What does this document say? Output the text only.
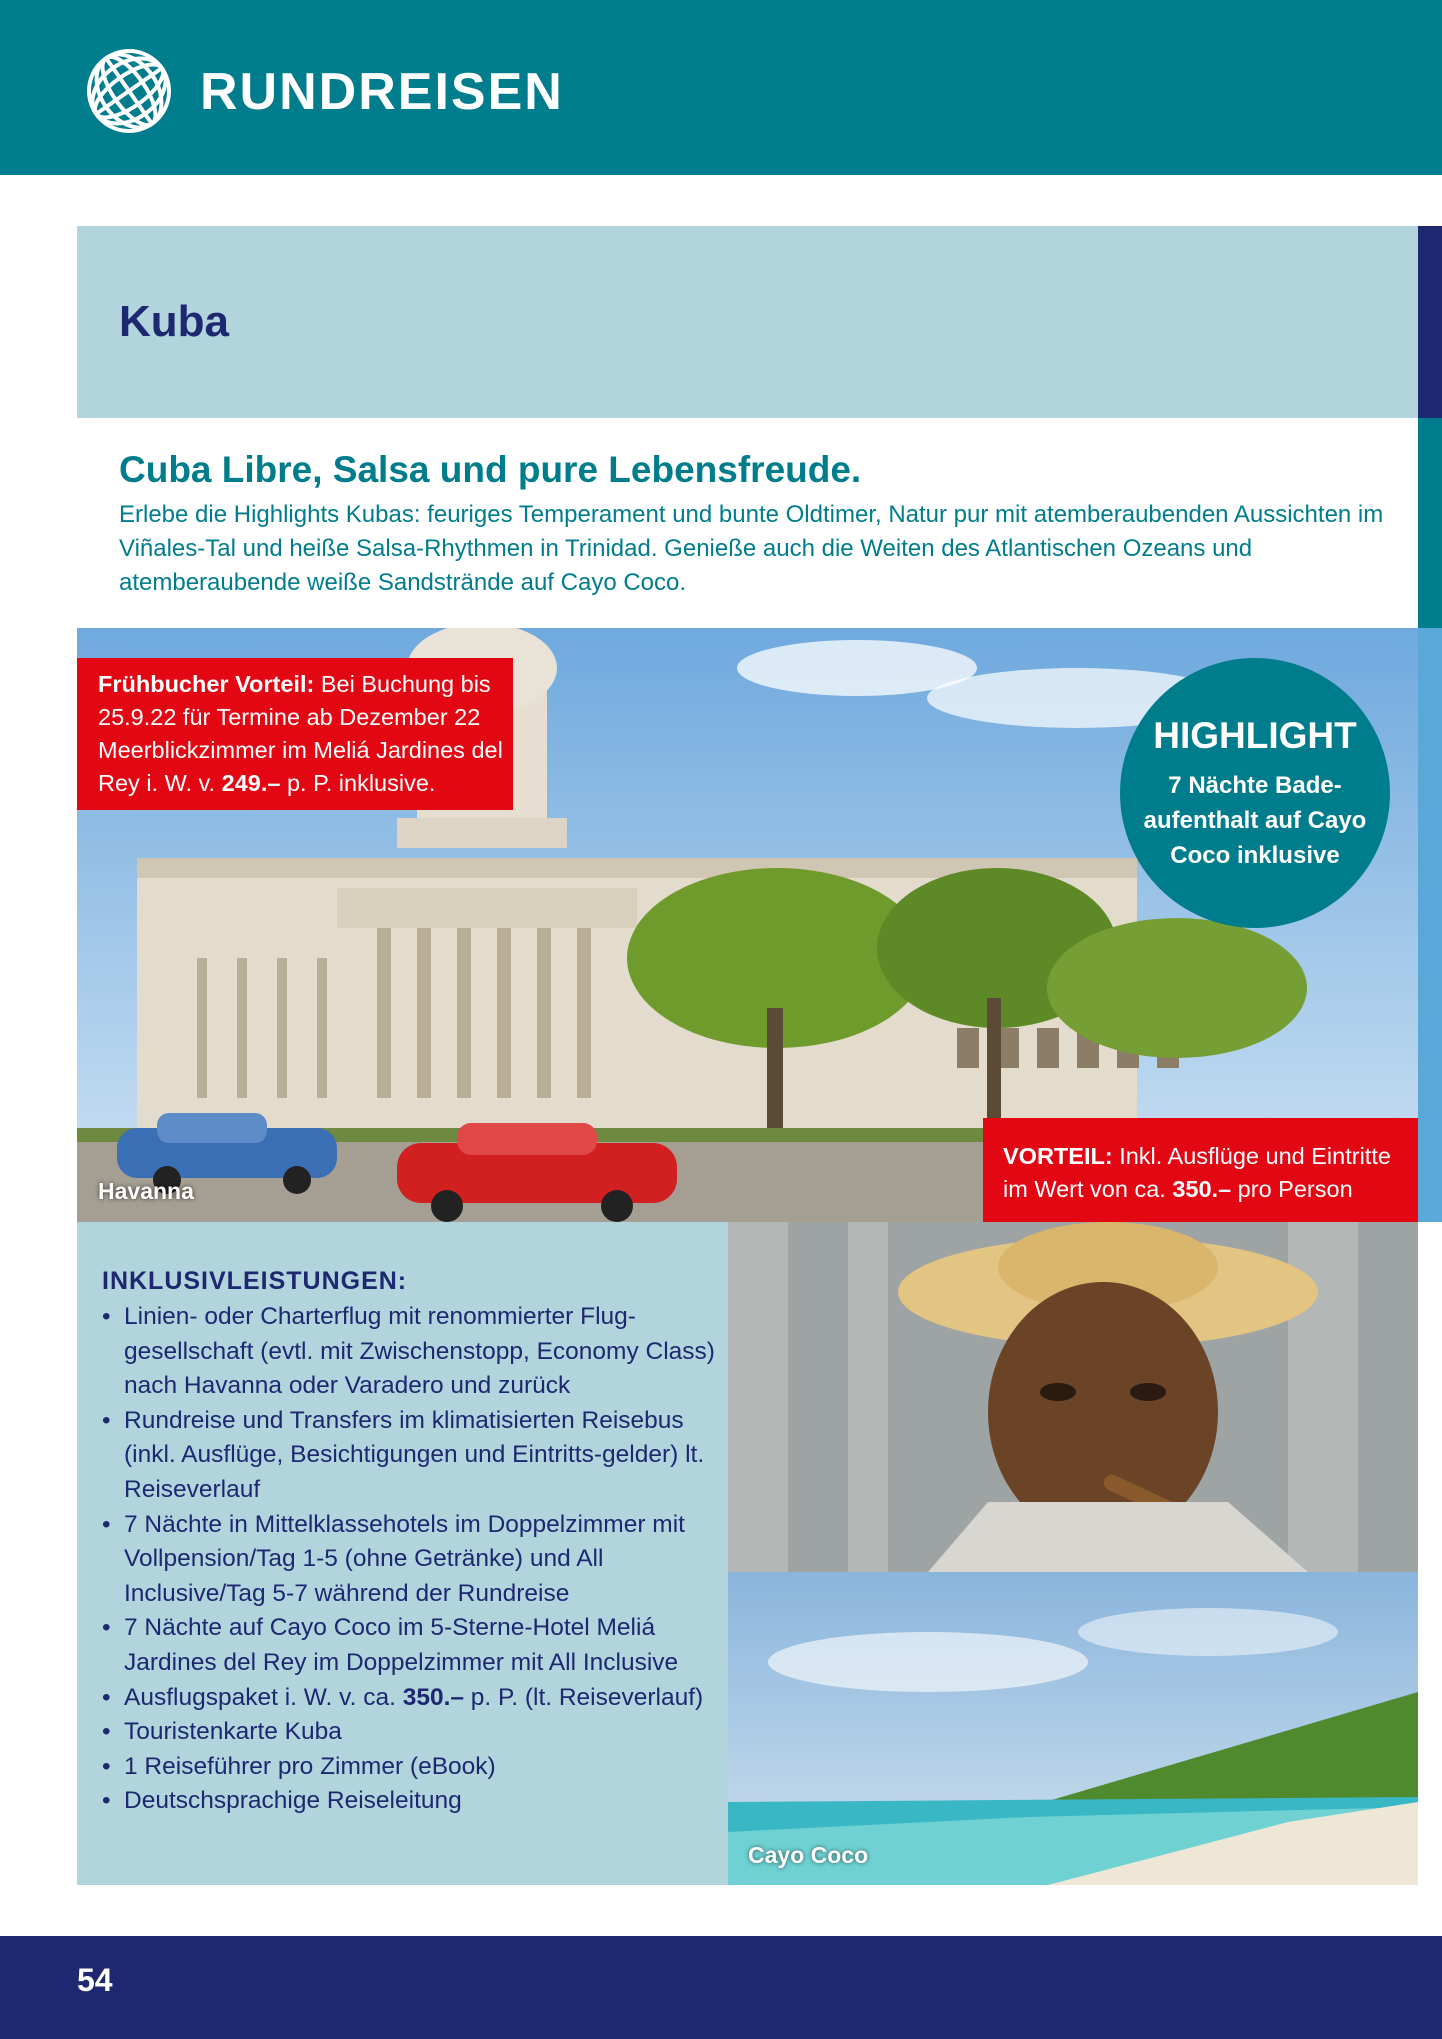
RUNDREISEN
Kuba
Cuba Libre, Salsa und pure Lebensfreude.
Erlebe die Highlights Kubas: feuriges Temperament und bunte Oldtimer, Natur pur mit atemberaubenden Aussichten im Viñales-Tal und heiße Salsa-Rhythmen in Trinidad. Genieße auch die Weiten des Atlantischen Ozeans und atemberaubende weiße Sandstrände auf Cayo Coco.
Havanna
Frühbucher Vorteil: Bei Buchung bis 25.9.22 für Termine ab Dezember 22 Meerblickzimmer im Meliá Jardines del Rey i. W. v. 249.– p. P. inklusive.
HIGHLIGHT
7 Nächte Bade-aufenthalt auf Cayo Coco inklusive
VORTEIL: Inkl. Ausflüge und Eintritte im Wert von ca. 350.– pro Person
INKLUSIVLEISTUNGEN:
• Linien- oder Charterflug mit renommierter Flug-gesellschaft (evtl. mit Zwischenstopp, Economy Class) nach Havanna oder Varadero und zurück
• Rundreise und Transfers im klimatisierten Reisebus (inkl. Ausflüge, Besichtigungen und Eintritts-gelder) lt. Reiseverlauf
• 7 Nächte in Mittelklassehotels im Doppelzimmer mit Vollpension/Tag 1-5 (ohne Getränke) und All Inclusive/Tag 5-7 während der Rundreise
• 7 Nächte auf Cayo Coco im 5-Sterne-Hotel Meliá Jardines del Rey im Doppelzimmer mit All Inclusive
• Ausflugspaket i. W. v. ca. 350.– p. P. (lt. Reiseverlauf)
• Touristenkarte Kuba
• 1 Reiseführer pro Zimmer (eBook)
• Deutschsprachige Reiseleitung
Cayo Coco
54
